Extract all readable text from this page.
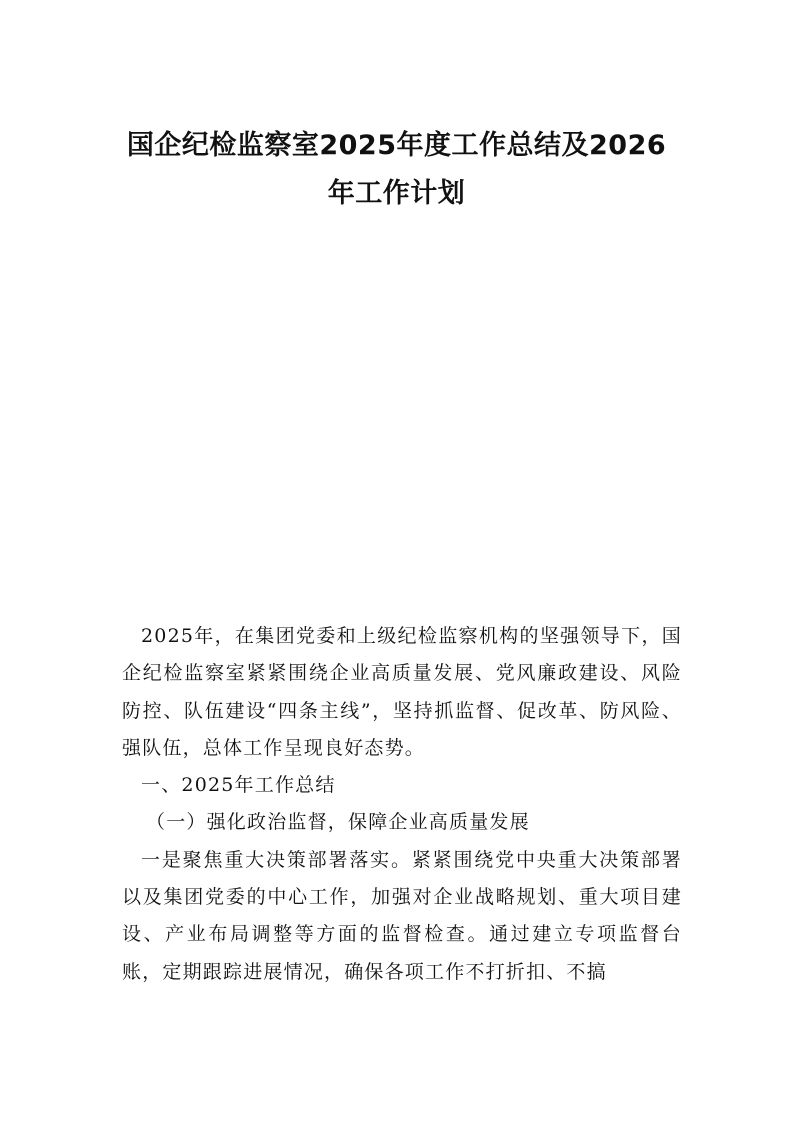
国企纪检监察室2025年度工作总结及2026
年工作计划

2025年，在集团党委和上级纪检监察机构的坚强领导下，国企纪检监察室紧紧围绕企业高质量发展、党风廉政建设、风险防控、队伍建设“四条主线”，坚持抓监督、促改革、防风险、强队伍，总体工作呈现良好态势。

一、2025年工作总结

（一）强化政治监督，保障企业高质量发展

一是聚焦重大决策部署落实。紧紧围绕党中央重大决策部署以及集团党委的中心工作，加强对企业战略规划、重大项目建设、产业布局调整等方面的监督检查。通过建立专项监督台账，定期跟踪进展情况，确保各项工作不打折扣、不搞
